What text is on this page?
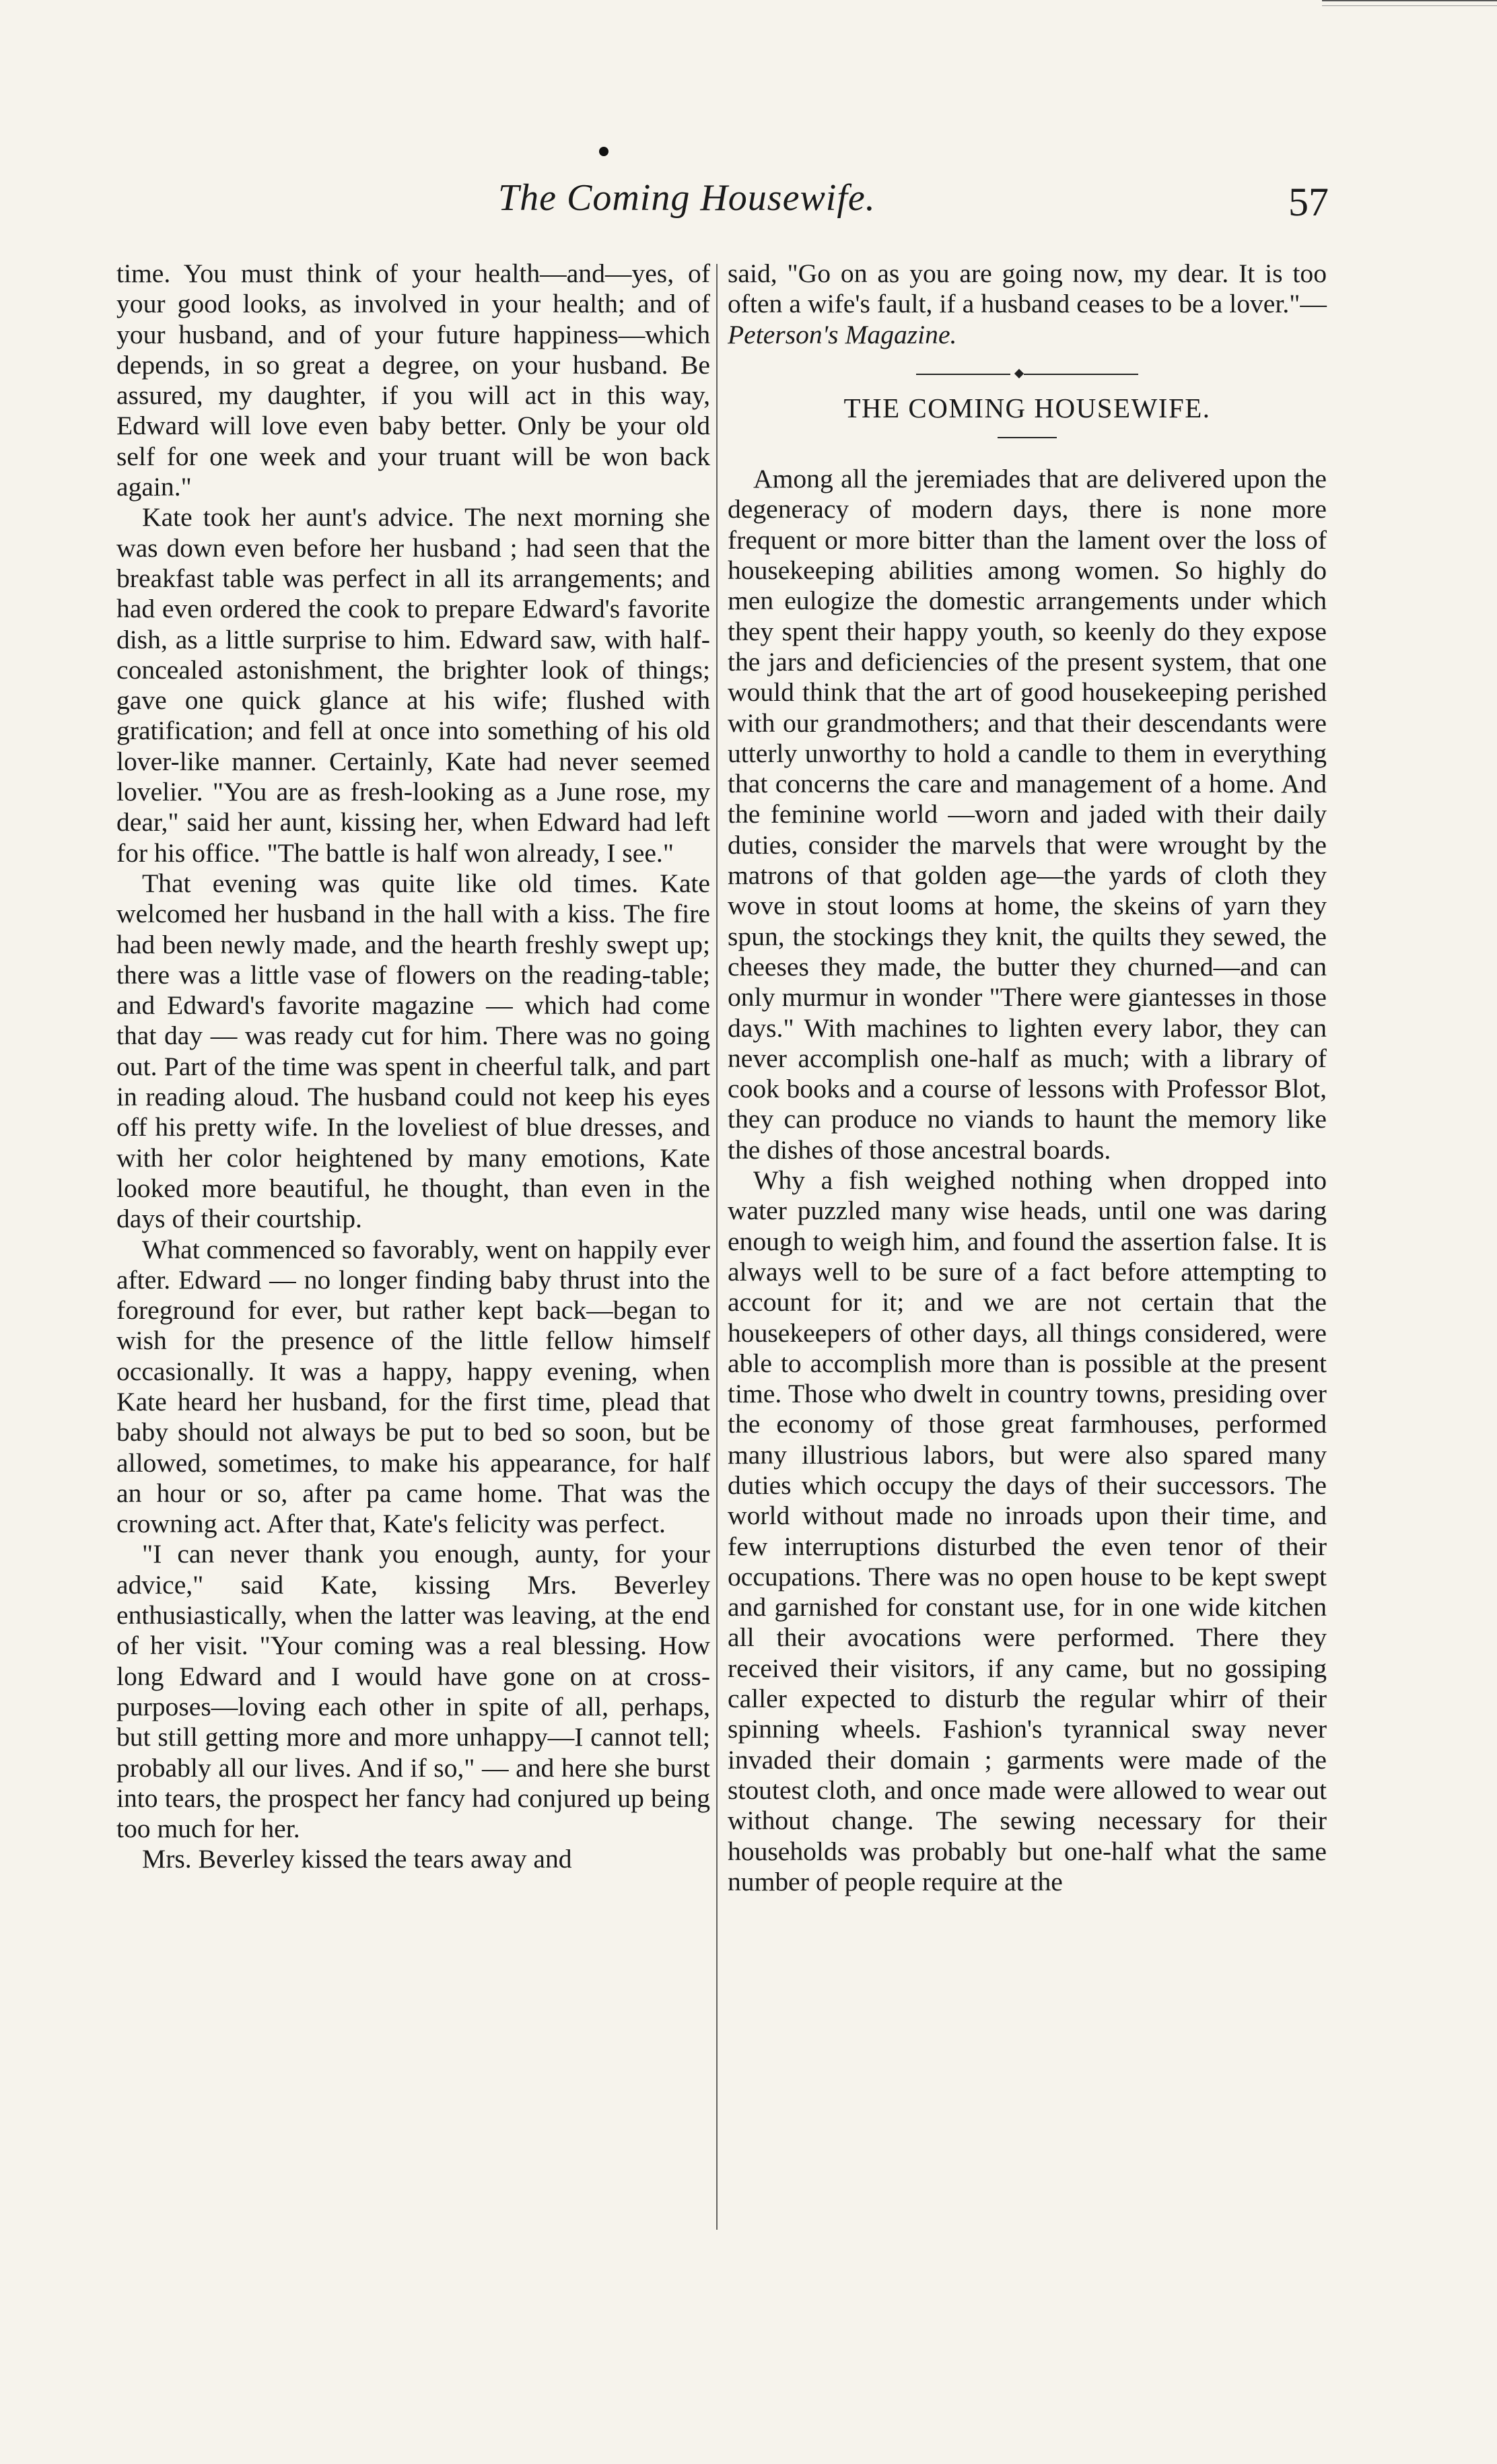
The Coming Housewife.	57

time. You must think of your health—and—yes, of your good looks, as involved in your health; and of your husband, and of your future happiness—which depends, in so great a degree, on your husband. Be assured, my daughter, if you will act in this way, Edward will love even baby better. Only be your old self for one week and your truant will be won back again."

Kate took her aunt's advice. The next morning she was down even before her husband ; had seen that the breakfast table was perfect in all its arrangements; and had even ordered the cook to prepare Edward's favorite dish, as a little surprise to him. Edward saw, with half-concealed astonishment, the brighter look of things; gave one quick glance at his wife; flushed with gratification; and fell at once into something of his old lover-like manner. Certainly, Kate had never seemed lovelier. "You are as fresh-looking as a June rose, my dear," said her aunt, kissing her, when Edward had left for his office. "The battle is half won already, I see."

That evening was quite like old times. Kate welcomed her husband in the hall with a kiss. The fire had been newly made, and the hearth freshly swept up; there was a little vase of flowers on the reading-table; and Edward's favorite magazine — which had come that day — was ready cut for him. There was no going out. Part of the time was spent in cheerful talk, and part in reading aloud. The husband could not keep his eyes off his pretty wife. In the loveliest of blue dresses, and with her color heightened by many emotions, Kate looked more beautiful, he thought, than even in the days of their courtship.

What commenced so favorably, went on happily ever after. Edward — no longer finding baby thrust into the foreground for ever, but rather kept back—began to wish for the presence of the little fellow himself occasionally. It was a happy, happy evening, when Kate heard her husband, for the first time, plead that baby should not always be put to bed so soon, but be allowed, sometimes, to make his appearance, for half an hour or so, after pa came home. That was the crowning act. After that, Kate's felicity was perfect.

"I can never thank you enough, aunty, for your advice," said Kate, kissing Mrs. Beverley enthusiastically, when the latter was leaving, at the end of her visit. "Your coming was a real blessing. How long Edward and I would have gone on at cross-purposes—loving each other in spite of all, perhaps, but still getting more and more unhappy—I cannot tell; probably all our lives. And if so," — and here she burst into tears, the prospect her fancy had conjured up being too much for her.

Mrs. Beverley kissed the tears away and

said, "Go on as you are going now, my dear. It is too often a wife's fault, if a husband ceases to be a lover."—Peterson's Magazine.

THE COMING HOUSEWIFE.

Among all the jeremiades that are delivered upon the degeneracy of modern days, there is none more frequent or more bitter than the lament over the loss of housekeeping abilities among women. So highly do men eulogize the domestic arrangements under which they spent their happy youth, so keenly do they expose the jars and deficiencies of the present system, that one would think that the art of good housekeeping perished with our grandmothers; and that their descendants were utterly unworthy to hold a candle to them in everything that concerns the care and management of a home. And the feminine world —worn and jaded with their daily duties, consider the marvels that were wrought by the matrons of that golden age—the yards of cloth they wove in stout looms at home, the skeins of yarn they spun, the stockings they knit, the quilts they sewed, the cheeses they made, the butter they churned—and can only murmur in wonder "There were giantesses in those days." With machines to lighten every labor, they can never accomplish one-half as much; with a library of cook books and a course of lessons with Professor Blot, they can produce no viands to haunt the memory like the dishes of those ancestral boards.

Why a fish weighed nothing when dropped into water puzzled many wise heads, until one was daring enough to weigh him, and found the assertion false. It is always well to be sure of a fact before attempting to account for it; and we are not certain that the housekeepers of other days, all things considered, were able to accomplish more than is possible at the present time. Those who dwelt in country towns, presiding over the economy of those great farmhouses, performed many illustrious labors, but were also spared many duties which occupy the days of their successors. The world without made no inroads upon their time, and few interruptions disturbed the even tenor of their occupations. There was no open house to be kept swept and garnished for constant use, for in one wide kitchen all their avocations were performed. There they received their visitors, if any came, but no gossiping caller expected to disturb the regular whirr of their spinning wheels. Fashion's tyrannical sway never invaded their domain ; garments were made of the stoutest cloth, and once made were allowed to wear out without change. The sewing necessary for their households was probably but one-half what the same number of people require at the
